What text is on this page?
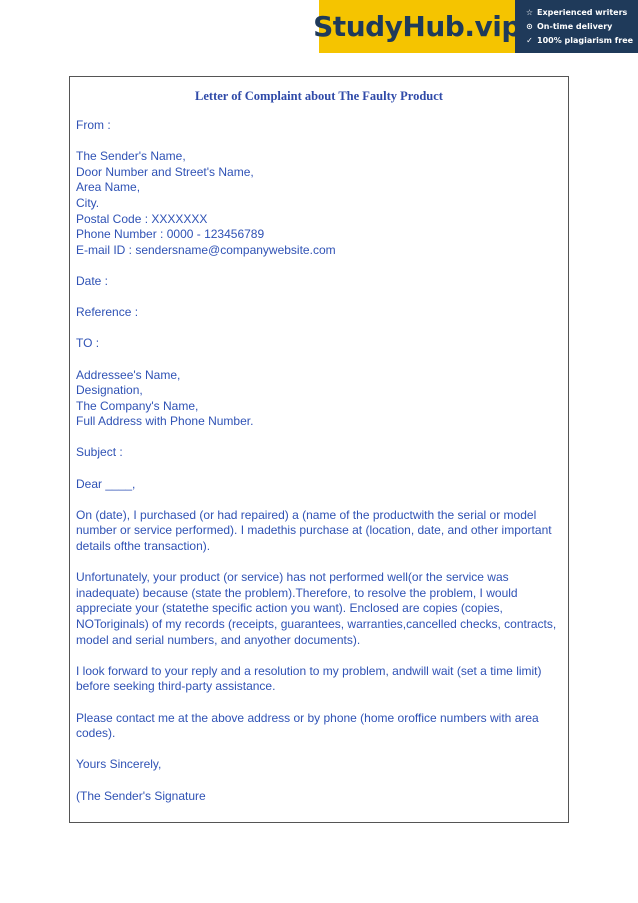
StudyHub.vip ☆ Experienced writers
⊙ On-time delivery
✓ 100% plagiarism free
Letter of Complaint about The Faulty Product
From :
The Sender's Name,
Door Number and Street's Name,
Area Name,
City.
Postal Code : XXXXXXX
Phone Number : 0000 - 123456789
E-mail ID : sendersname@companywebsite.com
Date :
Reference :
TO :
Addressee's Name,
Designation,
The Company's Name,
Full Address with Phone Number.
Subject :
Dear ____,
On (date), I purchased (or had repaired) a (name of the productwith the serial or model
number or service performed). I madethis purchase at (location, date, and other important
details ofthe transaction).
Unfortunately, your product (or service) has not performed well(or the service was
inadequate) because (state the problem).Therefore, to resolve the problem, I would
appreciate your (statethe specific action you want). Enclosed are copies (copies,
NOToriginals) of my records (receipts, guarantees, warranties,cancelled checks, contracts,
model and serial numbers, and anyother documents).
I look forward to your reply and a resolution to my problem, andwill wait (set a time limit)
before seeking third-party assistance.
Please contact me at the above address or by phone (home oroffice numbers with area
codes).
Yours Sincerely,
(The Sender's Signature
